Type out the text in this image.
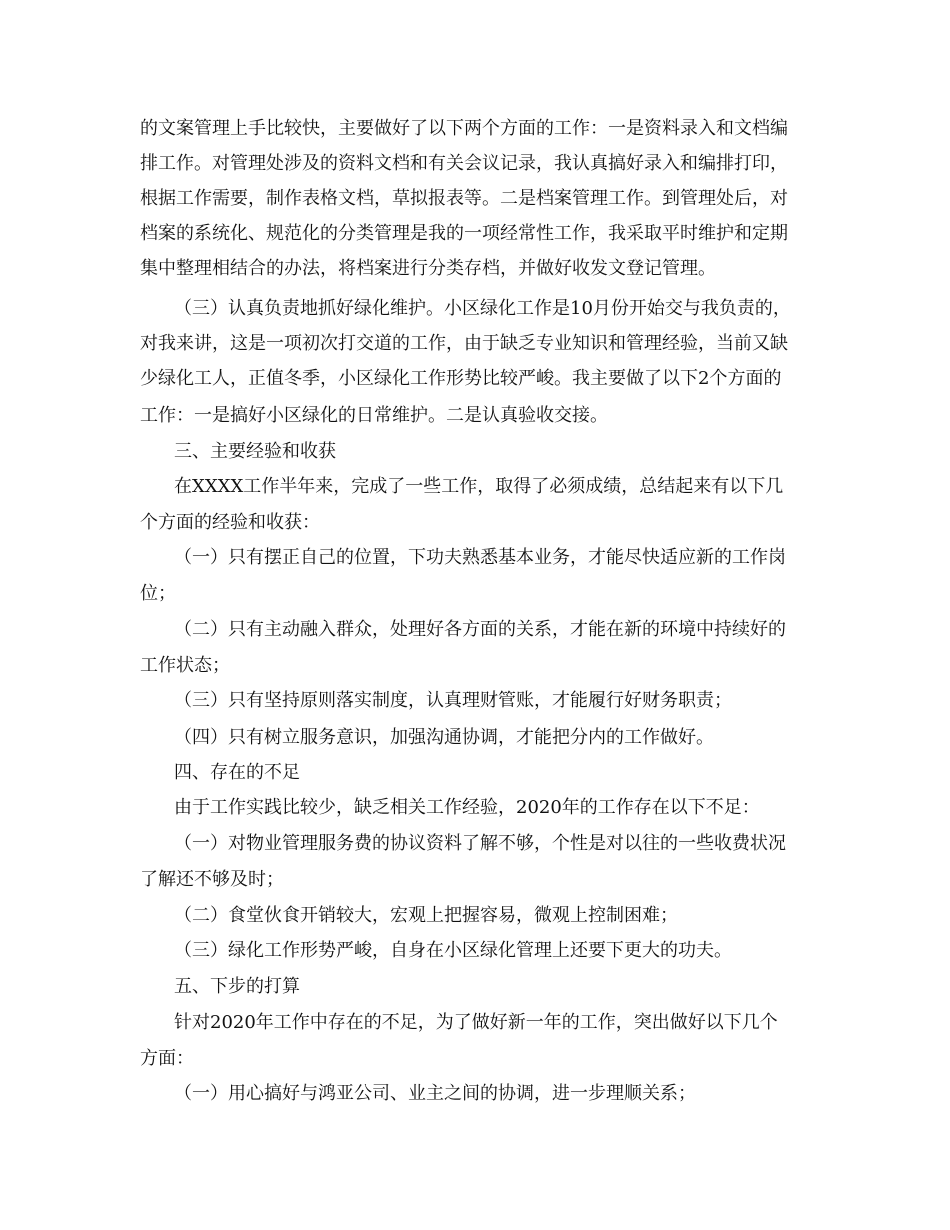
的文案管理上手比较快，主要做好了以下两个方面的工作：一是资料录入和文档编
排工作。对管理处涉及的资料文档和有关会议记录，我认真搞好录入和编排打印，
根据工作需要，制作表格文档，草拟报表等。二是档案管理工作。到管理处后，对
档案的系统化、规范化的分类管理是我的一项经常性工作，我采取平时维护和定期
集中整理相结合的办法，将档案进行分类存档，并做好收发文登记管理。
（三）认真负责地抓好绿化维护。小区绿化工作是10月份开始交与我负责的，
对我来讲，这是一项初次打交道的工作，由于缺乏专业知识和管理经验，当前又缺
少绿化工人，正值冬季，小区绿化工作形势比较严峻。我主要做了以下2个方面的
工作：一是搞好小区绿化的日常维护。二是认真验收交接。
三、主要经验和收获
在XXXX工作半年来，完成了一些工作，取得了必须成绩，总结起来有以下几
个方面的经验和收获：
（一）只有摆正自己的位置，下功夫熟悉基本业务，才能尽快适应新的工作岗
位；
（二）只有主动融入群众，处理好各方面的关系，才能在新的环境中持续好的
工作状态；
（三）只有坚持原则落实制度，认真理财管账，才能履行好财务职责；
（四）只有树立服务意识，加强沟通协调，才能把分内的工作做好。
四、存在的不足
由于工作实践比较少，缺乏相关工作经验，2020年的工作存在以下不足：
（一）对物业管理服务费的协议资料了解不够，个性是对以往的一些收费状况
了解还不够及时；
（二）食堂伙食开销较大，宏观上把握容易，微观上控制困难；
（三）绿化工作形势严峻，自身在小区绿化管理上还要下更大的功夫。
五、下步的打算
针对2020年工作中存在的不足，为了做好新一年的工作，突出做好以下几个
方面：
（一）用心搞好与鸿亚公司、业主之间的协调，进一步理顺关系；
